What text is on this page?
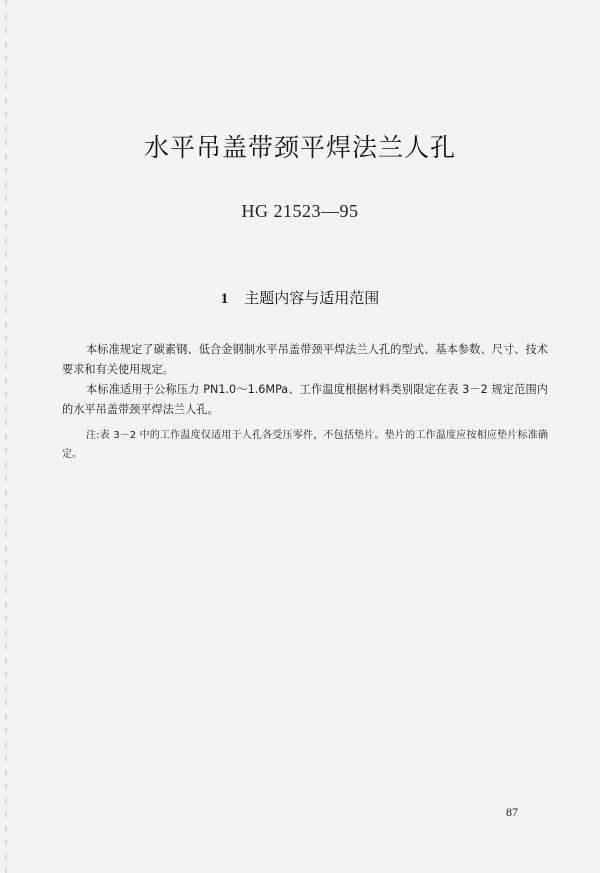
水平吊盖带颈平焊法兰人孔
HG 21523—95
1 主题内容与适用范围

本标准规定了碳素钢、低合金钢制水平吊盖带颈平焊法兰人孔的型式、基本参数、尺寸、技术要求和有关使用规定。

本标准适用于公称压力 PN1.0～1.6MPa、工作温度根据材料类别限定在表 3－2 规定范围内的水平吊盖带颈平焊法兰人孔。

注:表 3－2 中的工作温度仅适用于人孔各受压零件，不包括垫片。垫片的工作温度应按相应垫片标准确定。

87
